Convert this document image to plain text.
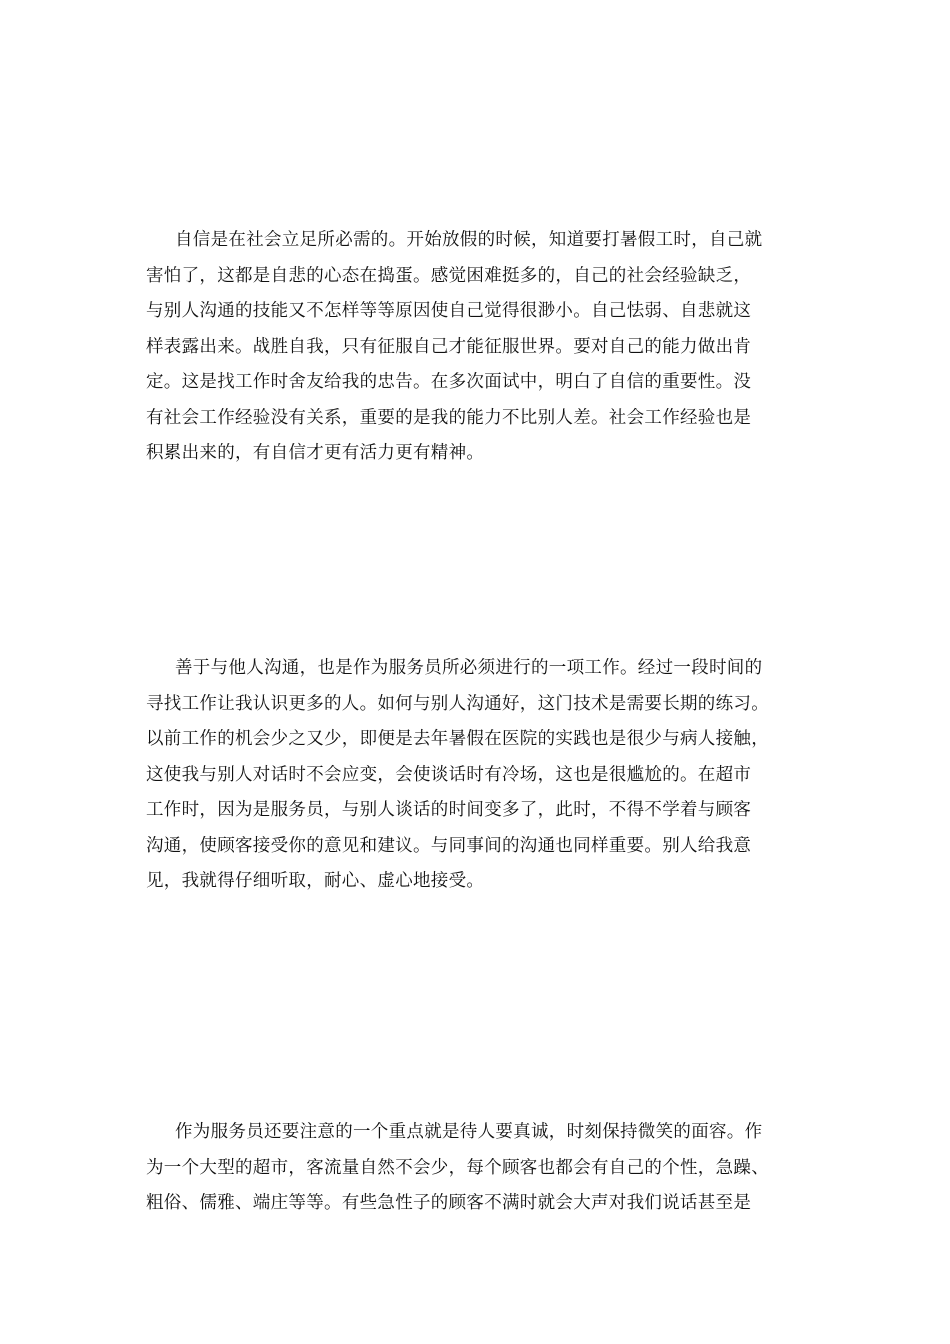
自信是在社会立足所必需的。开始放假的时候，知道要打暑假工时，自己就
害怕了，这都是自悲的心态在捣蛋。感觉困难挺多的，自己的社会经验缺乏，
与别人沟通的技能又不怎样等等原因使自己觉得很渺小。自己怯弱、自悲就这
样表露出来。战胜自我，只有征服自己才能征服世界。要对自己的能力做出肯
定。这是找工作时舍友给我的忠告。在多次面试中，明白了自信的重要性。没
有社会工作经验没有关系，重要的是我的能力不比别人差。社会工作经验也是
积累出来的，有自信才更有活力更有精神。
善于与他人沟通，也是作为服务员所必须进行的一项工作。经过一段时间的
寻找工作让我认识更多的人。如何与别人沟通好，这门技术是需要长期的练习。
以前工作的机会少之又少，即便是去年暑假在医院的实践也是很少与病人接触，
这使我与别人对话时不会应变，会使谈话时有冷场，这也是很尴尬的。在超市
工作时，因为是服务员，与别人谈话的时间变多了，此时，不得不学着与顾客
沟通，使顾客接受你的意见和建议。与同事间的沟通也同样重要。别人给我意
见，我就得仔细听取，耐心、虚心地接受。
作为服务员还要注意的一个重点就是待人要真诚，时刻保持微笑的面容。作
为一个大型的超市，客流量自然不会少，每个顾客也都会有自己的个性，急躁、
粗俗、儒雅、端庄等等。有些急性子的顾客不满时就会大声对我们说话甚至是
